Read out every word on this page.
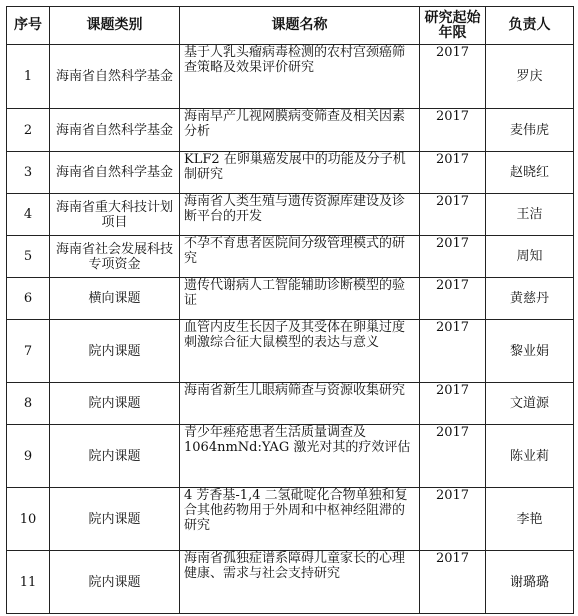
序号	课题类别	课题名称	研究起始年限	负责人
1	海南省自然科学基金	基于人乳头瘤病毒检测的农村宫颈癌筛查策略及效果评价研究	2017	罗庆
2	海南省自然科学基金	海南早产儿视网膜病变筛查及相关因素分析	2017	麦伟虎
3	海南省自然科学基金	KLF2 在卵巢癌发展中的功能及分子机制研究	2017	赵晓红
4	海南省重大科技计划项目	海南省人类生殖与遗传资源库建设及诊断平台的开发	2017	王洁
5	海南省社会发展科技专项资金	不孕不育患者医院间分级管理模式的研究	2017	周知
6	横向课题	遗传代谢病人工智能辅助诊断模型的验证	2017	黄慈丹
7	院内课题	血管内皮生长因子及其受体在卵巢过度刺激综合征大鼠模型的表达与意义	2017	黎业娟
8	院内课题	海南省新生儿眼病筛查与资源收集研究	2017	文道源
9	院内课题	青少年痤疮患者生活质量调查及 1064nmNd:YAG 激光对其的疗效评估	2017	陈业莉
10	院内课题	4 芳香基-1,4 二氢砒啶化合物单独和复合其他药物用于外周和中枢神经阻滞的研究	2017	李艳
11	院内课题	海南省孤独症谱系障碍儿童家长的心理健康、需求与社会支持研究	2017	谢璐璐
